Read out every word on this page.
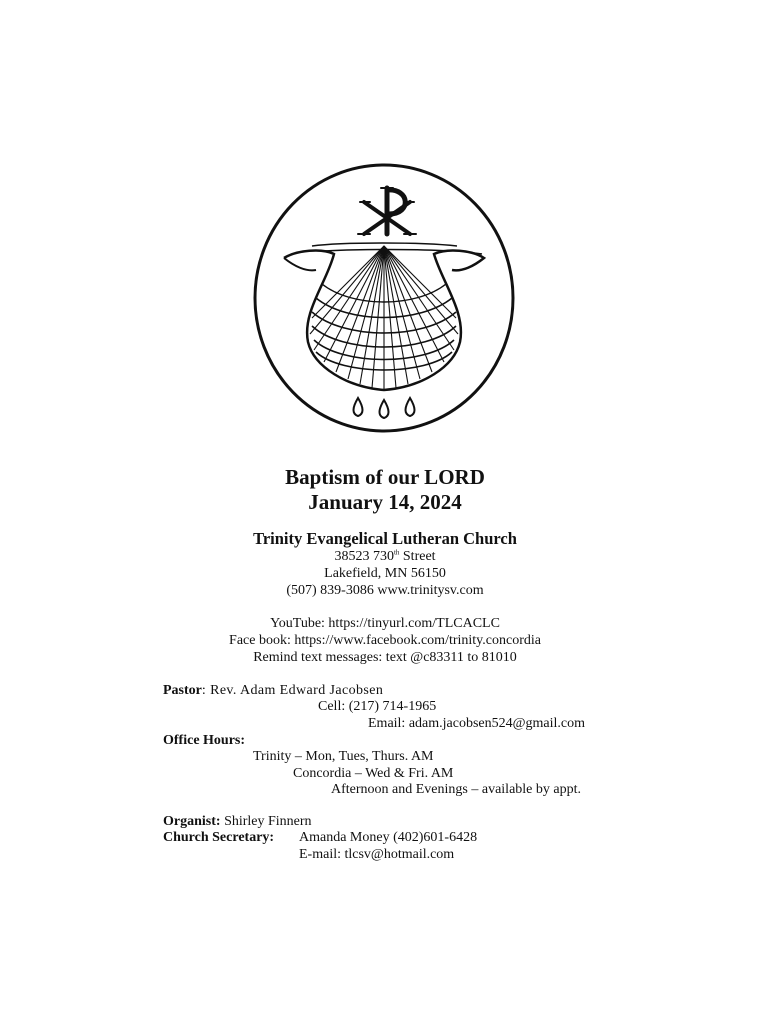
Baptism of our LORD
January 14, 2024
Trinity Evangelical Lutheran Church
38523 730th Street
Lakefield, MN 56150
(507) 839-3086 www.trinitysv.com
YouTube: https://tinyurl.com/TLCACLC
Face book: https://www.facebook.com/trinity.concordia
Remind text messages: text @c83311 to 81010
Pastor: Rev. Adam Edward Jacobsen
Cell: (217) 714-1965
Email: adam.jacobsen524@gmail.com
Office Hours:
Trinity – Mon, Tues, Thurs. AM
Concordia – Wed & Fri. AM
Afternoon and Evenings – available by appt.
Organist: Shirley Finnern
Church Secretary: Amanda Money (402)601-6428
E-mail: tlcsv@hotmail.com
